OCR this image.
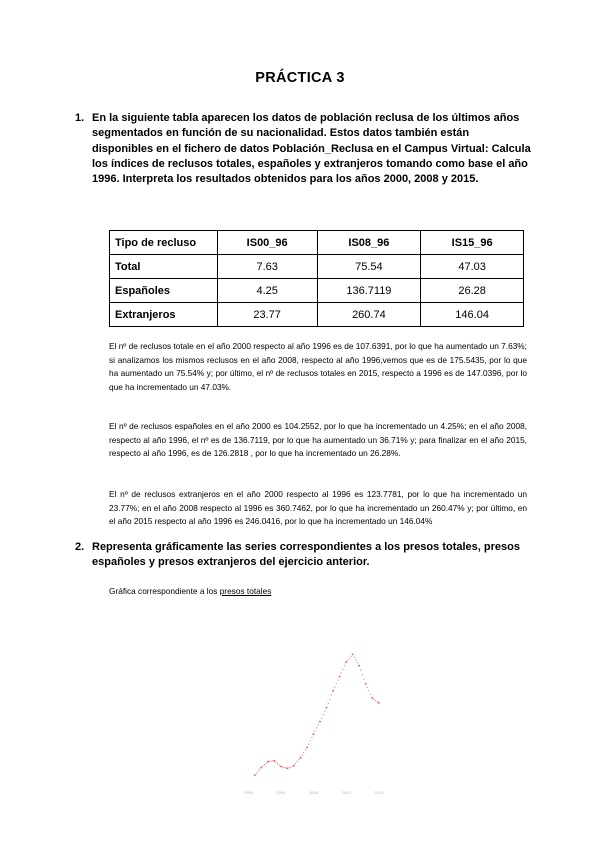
PRÁCTICA 3
1. En la siguiente tabla aparecen los datos de población reclusa de los últimos años segmentados en función de su nacionalidad. Estos datos también están disponibles en el fichero de datos Población_Reclusa en el Campus Virtual: Calcula los índices de reclusos totales, españoles y extranjeros tomando como base el año 1996. Interpreta los resultados obtenidos para los años 2000, 2008 y 2015.
Tipo de recluso	IS00_96	IS08_96	IS15_96
Total	7.63	75.54	47.03
Españoles	4.25	136.7119	26.28
Extranjeros	23.77	260.74	146.04

El nº de reclusos totale en el año 2000 respecto al año 1996 es de 107.6391, por lo que ha aumentado un 7.63%; si analizamos los mismos reclusos en el año 2008, respecto al año 1996,vemos que es de 175.5435, por lo que ha aumentado un 75.54% y; por último, el nº de reclusos totales en 2015, respecto a 1996 es de 147.0396, por lo que ha incrementado un 47.03%.

El nº de reclusos españoles en el año 2000 es 104.2552, por lo que ha incrementado un 4.25%; en el año 2008, respecto al año 1996, el nº es de 136.7119, por lo que ha aumentado un 36.71% y; para finalizar en el año 2015, respecto al año 1996, es de 126.2818 , por lo que ha incrementado un 26.28%.

El nº de reclusos extranjeros en el año 2000 respecto al 1996 es 123.7781, por lo que ha incrementado un 23.77%; en el año 2008 respecto al 1996 es 360.7462, por lo que ha incrementado un 260.47% y; por último, en el año 2015 respecto al año 1996 es 246.0416, por lo que ha incrementado un 146.04%

2. Representa gráficamente las series correspondientes a los presos totales, presos españoles y presos extranjeros del ejercicio anterior.
Gráfica correspondiente a los presos totales
1995	2000	2005	2010	2015
